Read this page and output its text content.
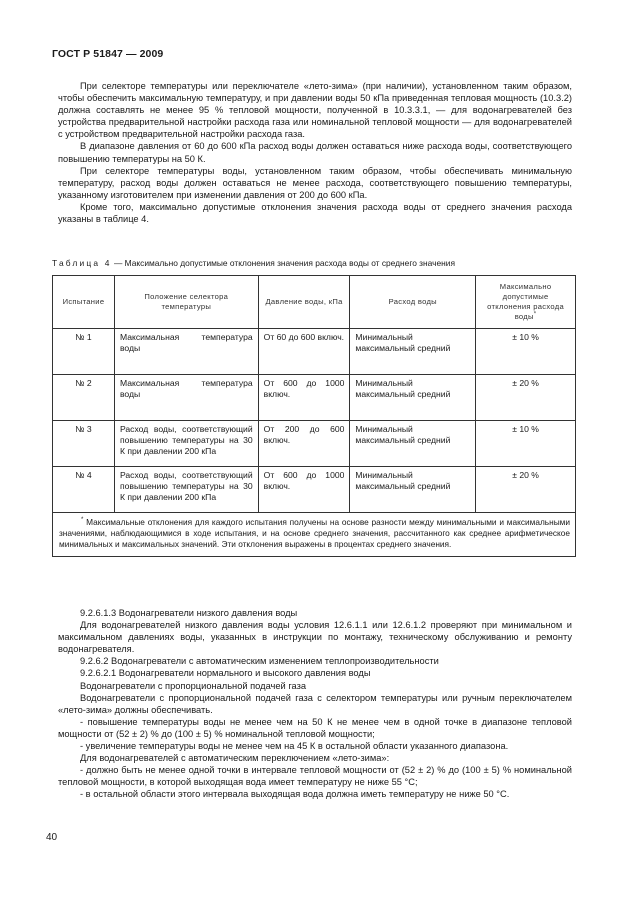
ГОСТ Р 51847 — 2009

При селекторе температуры или переключателе «лето-зима» (при наличии), установленном таким образом, чтобы обеспечить максимальную температуру, и при давлении воды 50 кПа приведенная тепловая мощность (10.3.2) должна составлять не менее 95 % тепловой мощности, полученной в 10.3.3.1, — для водонагревателей без устройства предварительной настройки расхода газа или номинальной тепловой мощности — для водонагревателей с устройством предварительной настройки расхода газа.

В диапазоне давления от 60 до 600 кПа расход воды должен оставаться ниже расхода воды, соответствующего повышению температуры на 50 К.

При селекторе температуры воды, установленном таким образом, чтобы обеспечивать минимальную температуру, расход воды должен оставаться не менее расхода, соответствующего повышению температуры, указанному изготовителем при изменении давления от 200 до 600 кПа.

Кроме того, максимально допустимые отклонения значения расхода воды от среднего значения расхода указаны в таблице 4.

Таблица 4 — Максимально допустимые отклонения значения расхода воды от среднего значения
Испытание	Положение селектора температуры	Давление воды, кПа	Расход воды	Максимально допустимые отклонения расхода воды*
№ 1	Максимальная температура воды	От 60 до 600 включ.	Минимальный максимальный средний	± 10 %
№ 2	Максимальная температура воды	От 600 до 1000 включ.	Минимальный максимальный средний	± 20 %
№ 3	Расход воды, соответствующий повышению температуры на 30 К при давлении 200 кПа	От 200 до 600 включ.	Минимальный максимальный средний	± 10 %
№ 4	Расход воды, соответствующий повышению температуры на 30 К при давлении 200 кПа	От 600 до 1000 включ.	Минимальный максимальный средний	± 20 %

* Максимальные отклонения для каждого испытания получены на основе разности между минимальными и максимальными значениями, наблюдающимися в ходе испытания, и на основе среднего значения, рассчитанного как среднее арифметическое минимальных и максимальных значений. Эти отклонения выражены в процентах среднего значения.				

9.2.6.1.3 Водонагреватели низкого давления воды

Для водонагревателей низкого давления воды условия 12.6.1.1 или 12.6.1.2 проверяют при минимальном и максимальном давлениях воды, указанных в инструкции по монтажу, техническому обслуживанию и ремонту водонагревателя.

9.2.6.2 Водонагреватели с автоматическим изменением теплопроизводительности

9.2.6.2.1 Водонагреватели нормального и высокого давления воды

Водонагреватели с пропорциональной подачей газа

Водонагреватели с пропорциональной подачей газа с селектором температуры или ручным переключателем «лето-зима» должны обеспечивать.

- повышение температуры воды не менее чем на 50 К не менее чем в одной точке в диапазоне тепловой мощности от (52 ± 2) % до (100 ± 5) % номинальной тепловой мощности;

- увеличение температуры воды не менее чем на 45 К в остальной области указанного диапазона.

Для водонагревателей с автоматическим переключением «лето-зима»:

- должно быть не менее одной точки в интервале тепловой мощности от (52 ± 2) % до (100 ± 5) % номинальной тепловой мощности, в которой выходящая вода имеет температуру не ниже 55 °С;

- в остальной области этого интервала выходящая вода должна иметь температуру не ниже 50 °С.

40
